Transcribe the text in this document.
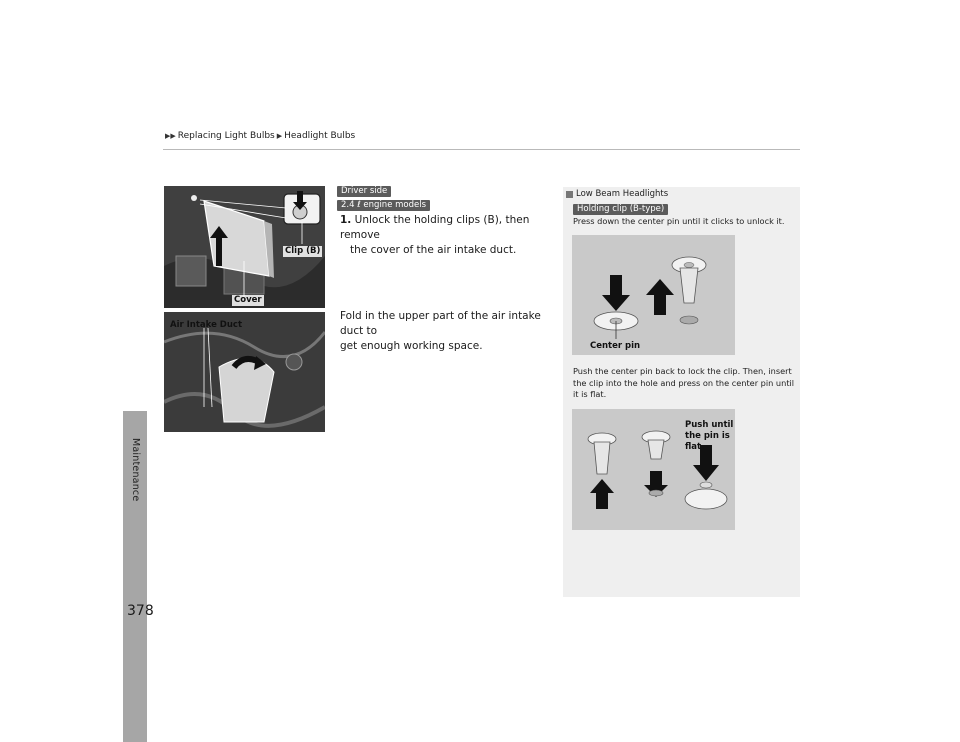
Maintenance
▶▶ Replacing Light Bulbs ▶ Headlight Bulbs
Clip (B)
Cover
Air Intake Duct
Driver side
2.4 ℓ engine models
1. Unlock the holding clips (B), then remove
the cover of the air intake duct.
Fold in the upper part of the air intake duct to
get enough working space.
Low Beam Headlights
Holding clip (B-type)
Press down the center pin until it clicks to unlock it.
Center pin
Push the center pin back to lock the clip. Then, insert
the clip into the hole and press on the center pin until
it is flat.
Push until
the pin is
flat.
378
